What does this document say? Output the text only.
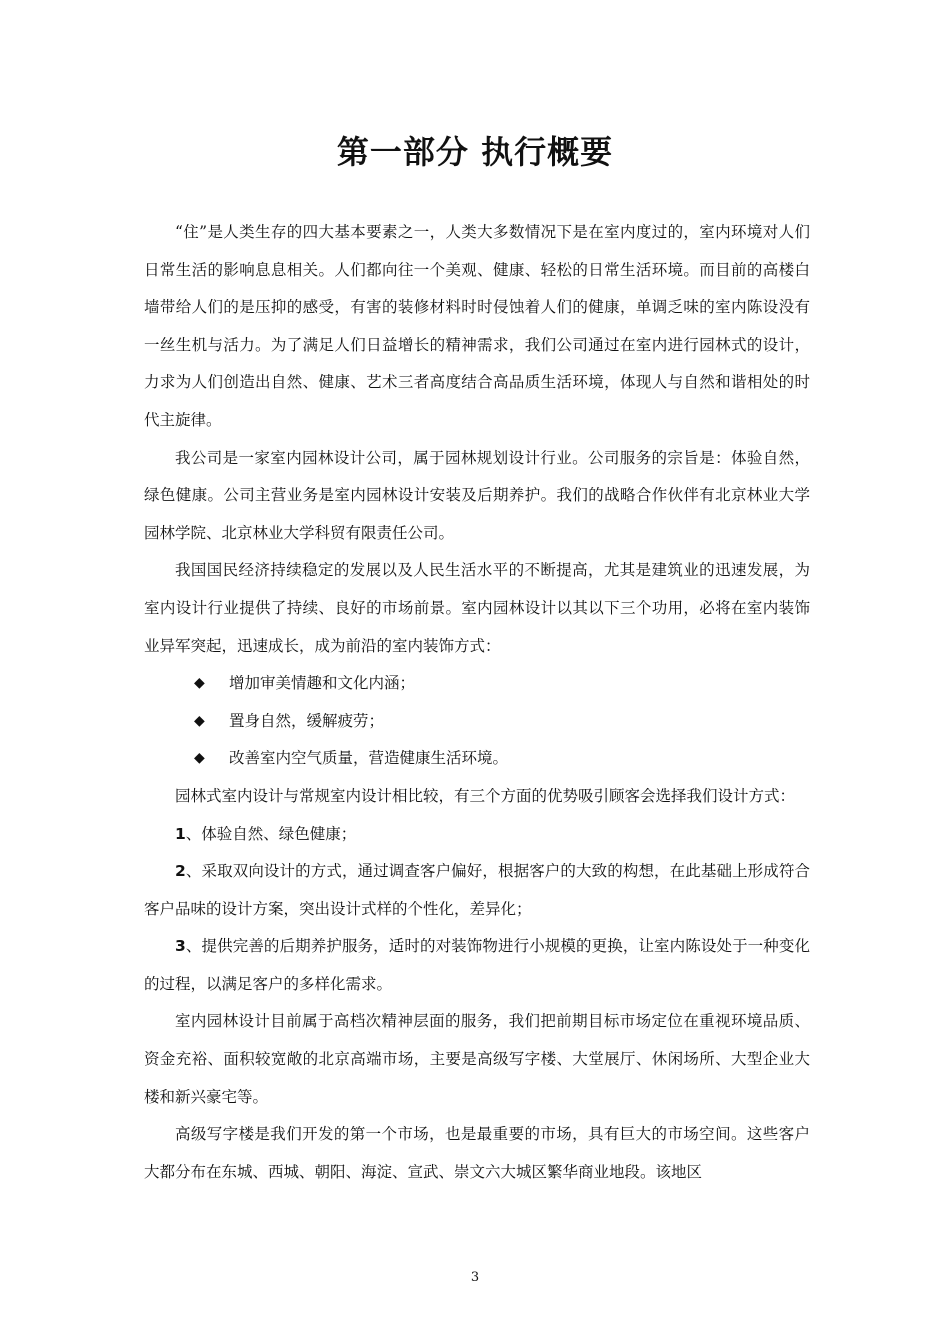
第一部分 执行概要

“住”是人类生存的四大基本要素之一，人类大多数情况下是在室内度过的，室内环境对人们日常生活的影响息息相关。人们都向往一个美观、健康、轻松的日常生活环境。而目前的高楼白墙带给人们的是压抑的感受，有害的装修材料时时侵蚀着人们的健康，单调乏味的室内陈设没有一丝生机与活力。为了满足人们日益增长的精神需求，我们公司通过在室内进行园林式的设计，力求为人们创造出自然、健康、艺术三者高度结合高品质生活环境，体现人与自然和谐相处的时代主旋律。

我公司是一家室内园林设计公司，属于园林规划设计行业。公司服务的宗旨是：体验自然，绿色健康。公司主营业务是室内园林设计安装及后期养护。我们的战略合作伙伴有北京林业大学园林学院、北京林业大学科贸有限责任公司。

我国国民经济持续稳定的发展以及人民生活水平的不断提高，尤其是建筑业的迅速发展，为室内设计行业提供了持续、良好的市场前景。室内园林设计以其以下三个功用，必将在室内装饰业异军突起，迅速成长，成为前沿的室内装饰方式：

◆ 增加审美情趣和文化内涵；
◆ 置身自然，缓解疲劳；
◆ 改善室内空气质量，营造健康生活环境。

园林式室内设计与常规室内设计相比较，有三个方面的优势吸引顾客会选择我们设计方式：

1、体验自然、绿色健康；

2、采取双向设计的方式，通过调查客户偏好，根据客户的大致的构想，在此基础上形成符合客户品味的设计方案，突出设计式样的个性化，差异化；

3、提供完善的后期养护服务，适时的对装饰物进行小规模的更换，让室内陈设处于一种变化的过程，以满足客户的多样化需求。

室内园林设计目前属于高档次精神层面的服务，我们把前期目标市场定位在重视环境品质、资金充裕、面积较宽敞的北京高端市场，主要是高级写字楼、大堂展厅、休闲场所、大型企业大楼和新兴豪宅等。

高级写字楼是我们开发的第一个市场，也是最重要的市场，具有巨大的市场空间。这些客户大都分布在东城、西城、朝阳、海淀、宣武、崇文六大城区繁华商业地段。该地区

3
